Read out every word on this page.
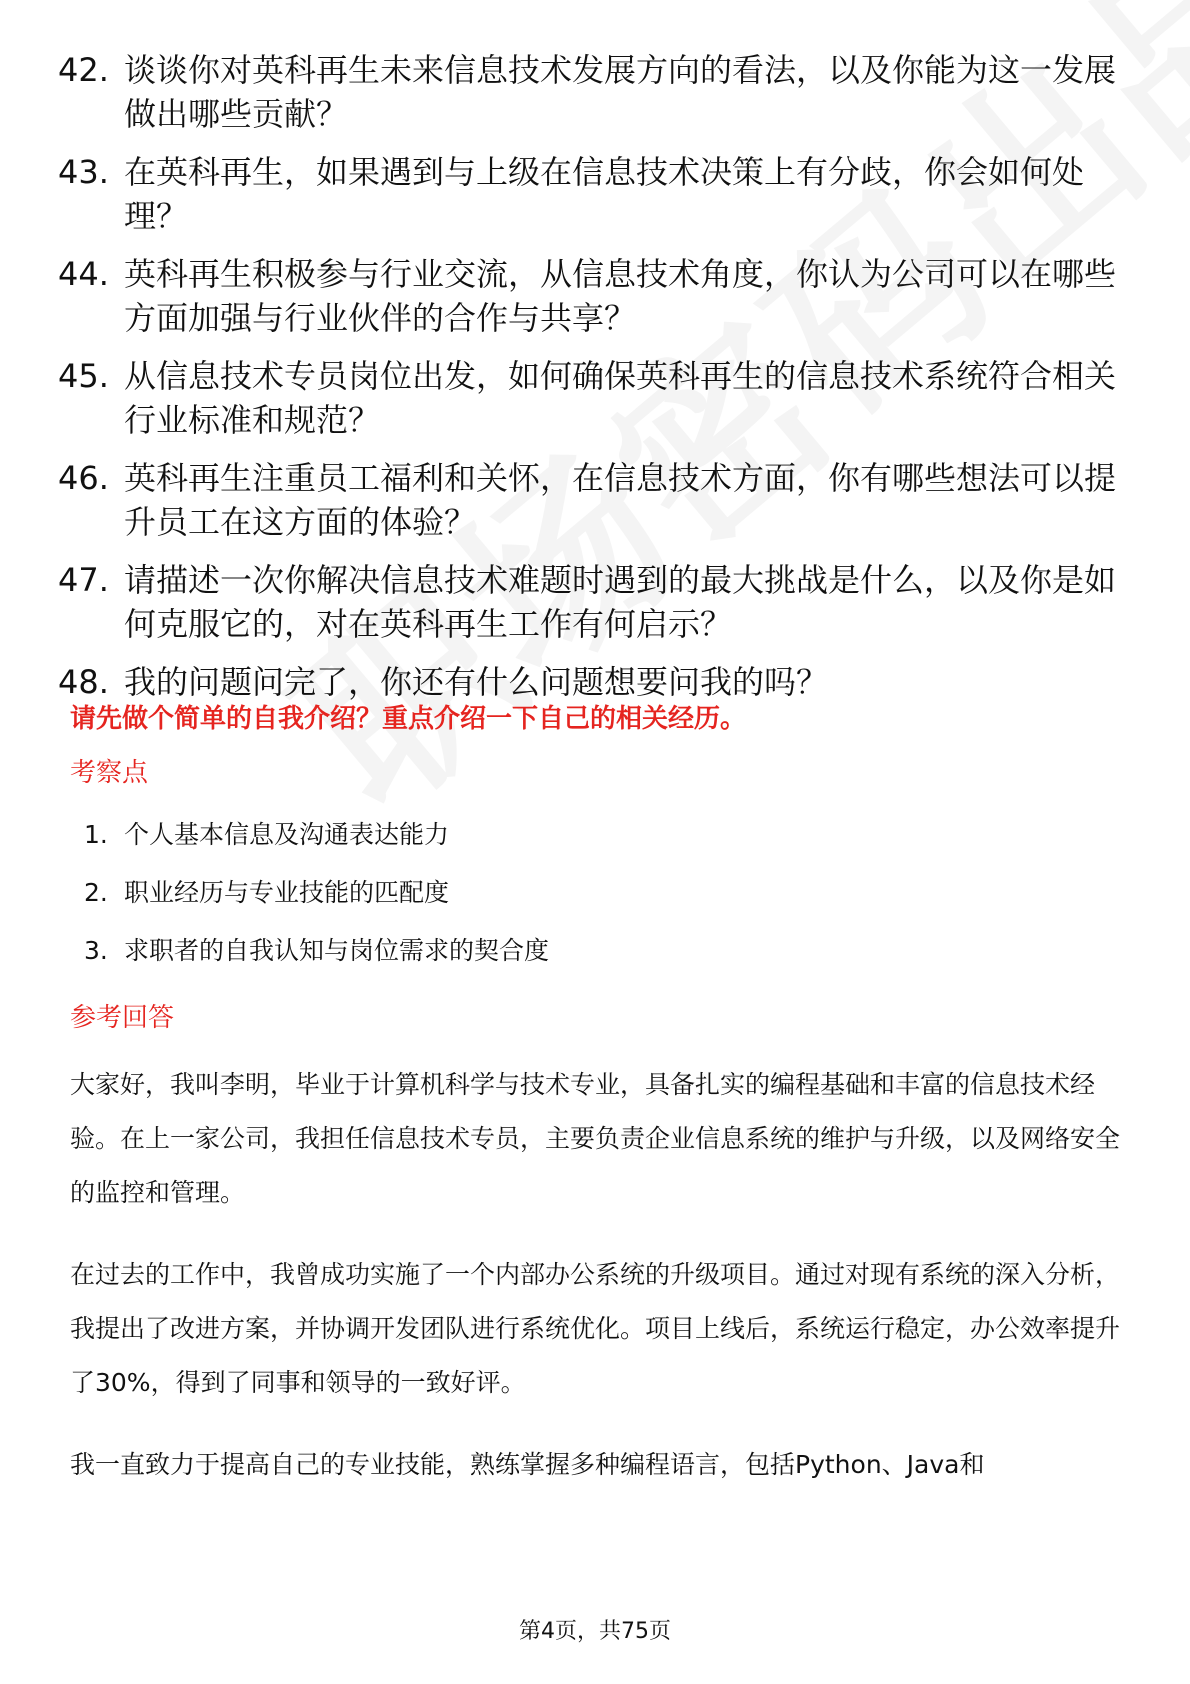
42. 谈谈你对英科再生未来信息技术发展方向的看法，以及你能为这一发展做出哪些贡献？
43. 在英科再生，如果遇到与上级在信息技术决策上有分歧，你会如何处理？
44. 英科再生积极参与行业交流，从信息技术角度，你认为公司可以在哪些方面加强与行业伙伴的合作与共享？
45. 从信息技术专员岗位出发，如何确保英科再生的信息技术系统符合相关行业标准和规范？
46. 英科再生注重员工福利和关怀，在信息技术方面，你有哪些想法可以提升员工在这方面的体验？
47. 请描述一次你解决信息技术难题时遇到的最大挑战是什么，以及你是如何克服它的，对在英科再生工作有何启示？
48. 我的问题问完了，你还有什么问题想要问我的吗？
请先做个简单的自我介绍？重点介绍一下自己的相关经历。
考察点
1. 个人基本信息及沟通表达能力
2. 职业经历与专业技能的匹配度
3. 求职者的自我认知与岗位需求的契合度
参考回答
大家好，我叫李明，毕业于计算机科学与技术专业，具备扎实的编程基础和丰富的信息技术经验。在上一家公司，我担任信息技术专员，主要负责企业信息系统的维护与升级，以及网络安全的监控和管理。
在过去的工作中，我曾成功实施了一个内部办公系统的升级项目。通过对现有系统的深入分析，我提出了改进方案，并协调开发团队进行系统优化。项目上线后，系统运行稳定，办公效率提升了30%，得到了同事和领导的一致好评。
我一直致力于提高自己的专业技能，熟练掌握多种编程语言，包括Python、Java和
第4页，共75页
